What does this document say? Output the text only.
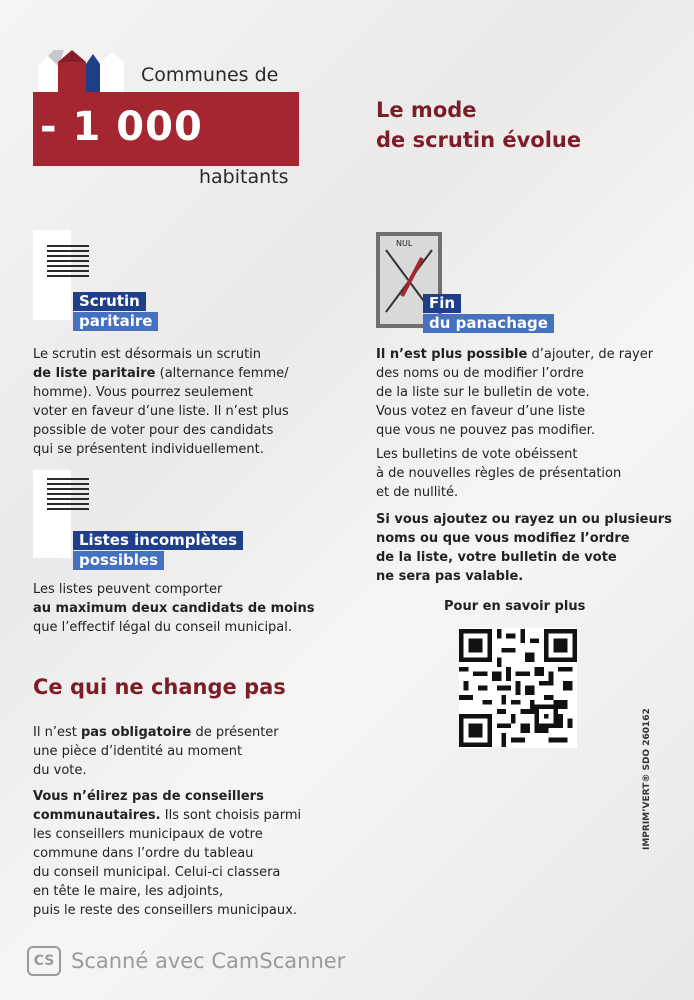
- 1 000
Communes de
habitants
Le mode
de scrutin évolue
Scrutin
paritaire
Le scrutin est désormais un scrutin
de liste paritaire (alternance femme/
homme). Vous pourrez seulement
voter en faveur d’une liste. Il n’est plus
possible de voter pour des candidats
qui se présentent individuellement.
Listes incomplètes
possibles
Les listes peuvent comporter
au maximum deux candidats de moins
que l’effectif légal du conseil municipal.
Ce qui ne change pas
Il n’est pas obligatoire de présenter
une pièce d’identité au moment
du vote.
Vous n’élirez pas de conseillers
communautaires. Ils sont choisis parmi
les conseillers municipaux de votre
commune dans l’ordre du tableau
du conseil municipal. Celui-ci classera
en tête le maire, les adjoints,
puis le reste des conseillers municipaux.
NUL
Fin
du panachage
Il n’est plus possible d’ajouter, de rayer
des noms ou de modifier l’ordre
de la liste sur le bulletin de vote.
Vous votez en faveur d’une liste
que vous ne pouvez pas modifier.
Les bulletins de vote obéissent
à de nouvelles règles de présentation
et de nullité.
Si vous ajoutez ou rayez un ou plusieurs
noms ou que vous modifiez l’ordre
de la liste, votre bulletin de vote
ne sera pas valable.
Pour en savoir plus
IMPRIM’VERT® SDO 260162
CS Scanné avec CamScanner
